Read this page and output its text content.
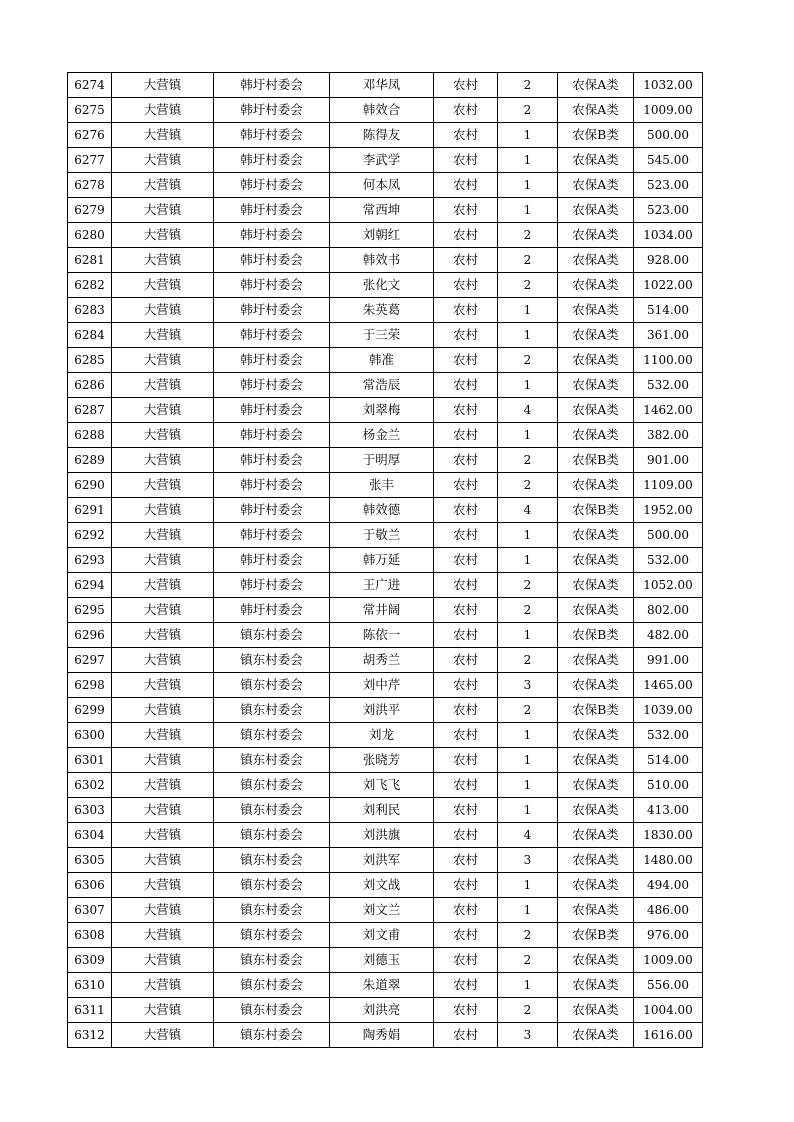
6274	大营镇	韩圩村委会	邓华凤	农村	2	农保A类	1032.00
6275	大营镇	韩圩村委会	韩效合	农村	2	农保A类	1009.00
6276	大营镇	韩圩村委会	陈得友	农村	1	农保B类	500.00
6277	大营镇	韩圩村委会	李武学	农村	1	农保A类	545.00
6278	大营镇	韩圩村委会	何本凤	农村	1	农保A类	523.00
6279	大营镇	韩圩村委会	常西坤	农村	1	农保A类	523.00
6280	大营镇	韩圩村委会	刘朝红	农村	2	农保A类	1034.00
6281	大营镇	韩圩村委会	韩效书	农村	2	农保A类	928.00
6282	大营镇	韩圩村委会	张化文	农村	2	农保A类	1022.00
6283	大营镇	韩圩村委会	朱英葛	农村	1	农保A类	514.00
6284	大营镇	韩圩村委会	于三荣	农村	1	农保A类	361.00
6285	大营镇	韩圩村委会	韩准	农村	2	农保A类	1100.00
6286	大营镇	韩圩村委会	常浩辰	农村	1	农保A类	532.00
6287	大营镇	韩圩村委会	刘翠梅	农村	4	农保A类	1462.00
6288	大营镇	韩圩村委会	杨金兰	农村	1	农保A类	382.00
6289	大营镇	韩圩村委会	于明厚	农村	2	农保B类	901.00
6290	大营镇	韩圩村委会	张丰	农村	2	农保A类	1109.00
6291	大营镇	韩圩村委会	韩效德	农村	4	农保B类	1952.00
6292	大营镇	韩圩村委会	于敬兰	农村	1	农保A类	500.00
6293	大营镇	韩圩村委会	韩万延	农村	1	农保A类	532.00
6294	大营镇	韩圩村委会	王广进	农村	2	农保A类	1052.00
6295	大营镇	韩圩村委会	常井阔	农村	2	农保A类	802.00
6296	大营镇	镇东村委会	陈依一	农村	1	农保B类	482.00
6297	大营镇	镇东村委会	胡秀兰	农村	2	农保A类	991.00
6298	大营镇	镇东村委会	刘中芹	农村	3	农保A类	1465.00
6299	大营镇	镇东村委会	刘洪平	农村	2	农保B类	1039.00
6300	大营镇	镇东村委会	刘龙	农村	1	农保A类	532.00
6301	大营镇	镇东村委会	张晓芳	农村	1	农保A类	514.00
6302	大营镇	镇东村委会	刘飞飞	农村	1	农保A类	510.00
6303	大营镇	镇东村委会	刘利民	农村	1	农保A类	413.00
6304	大营镇	镇东村委会	刘洪旗	农村	4	农保A类	1830.00
6305	大营镇	镇东村委会	刘洪军	农村	3	农保A类	1480.00
6306	大营镇	镇东村委会	刘文战	农村	1	农保A类	494.00
6307	大营镇	镇东村委会	刘文兰	农村	1	农保A类	486.00
6308	大营镇	镇东村委会	刘文甫	农村	2	农保B类	976.00
6309	大营镇	镇东村委会	刘德玉	农村	2	农保A类	1009.00
6310	大营镇	镇东村委会	朱道翠	农村	1	农保A类	556.00
6311	大营镇	镇东村委会	刘洪亮	农村	2	农保A类	1004.00
6312	大营镇	镇东村委会	陶秀娟	农村	3	农保A类	1616.00
